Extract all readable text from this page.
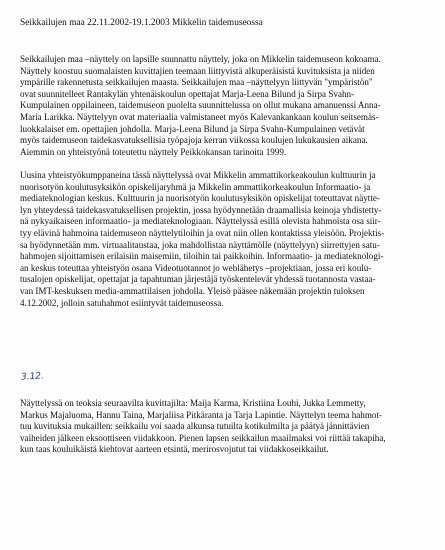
Seikkailujen maa 22.11.2002-19.1.2003 Mikkelin taidemuseossa
Seikkailujen maa –näyttely on lapsille suunnattu näyttely, joka on Mikkelin taidemuseon kokoama.
Näyttely koostuu suomalaisten kuvittajien teemaan liittyvistä alkuperäisistä kuvituksista ja niiden
ympärille rakennetusta seikkailujen maasta. Seikkailujen maa –näyttelyyn liittyvän "ympäristön"
ovat suunnitelleet Rantakylän yhtenäiskoulun opettajat Marja-Leena Bilund ja Sirpa Svahn-
Kumpulainen oppilaineen, taidemuseon puolelta suunnittelussa on ollut mukana amanuenssi Anna-
Maria Larikka. Näyttelyyn ovat materiaalia valmistaneet myös Kalevankankaan koulun seitsemäs-
luokkalaiset em. opettajien johdolla. Marja-Leena Bilund ja Sirpa Svahn-Kumpulainen vetävät
myös taidemuseon taidekasvatuksellisia työpajoja kerran viikossa koulujen lukukausien aikana.
Aiemmin on yhteistyönä toteutettu näyttely Peikkokansan tarinoita 1999.
Uusina yhteistyökumppaneina tässä näyttelyssä ovat Mikkelin ammattikorkeakoulun kulttuurin ja
nuorisotyön koulutusyksikön opiskelijaryhmä ja Mikkelin ammattikorkeakoulun Informaatio- ja
mediateknologian keskus. Kulttuurin ja nuorisotyön koulutusyksikön opiskelijat toteuttavat näytte-
lyn yhteydessä taidekasvatuksellisen projektin, jossa hyödynnetään draamallisia keinoja yhdistetty-
nä nykyaikaiseen informaatio- ja mediateknologiaan. Näyttelyssä esillä olevista hahmoista osa siir-
tyy elävinä hahmoina taidemuseon näyttelytiloihin ja ovat niin ollen kontaktissa yleisöön. Projektis-
sa hyödynnetään mm. virtuaalitaustaa, joka mahdollistaa näyttämölle (näyttelyyn) siirrettyjen satu-
hahmojen sijoittamisen erilaisiin maisemiin, tiloihin tai paikkoihin. Informaatio- ja mediateknologi-
an keskus toteuttaa yhteistyön osana Videotuotannot jo weblähetys –projektiaan, jossa eri koulu-
tusalojen opiskelijat, opettajat ja tapahtuman järjestäjä työskentelevät yhdessä tuotannosta vastaa-
van IMT-keskuksen media-ammattilaisen johdolla. Yleisö pääsee näkemään projektin tuloksen
4.12.2002, jolloin satuhahmot esiintyvät taidemuseossa.
3.12.
Näyttelyssä on teoksia seuraavilta kuvittajilta: Maija Karma, Kristiina Louhi, Jukka Lemmetty,
Markus Majaluoma, Hannu Taina, Marjaliisa Pitkäranta ja Tarja Lapintie. Näyttelyn teema hahmot-
tuu kuvituksia mukaillen: seikkailu voi saada alkunsa tutuilta kotikulmilta ja päätyä jännittävien
vaiheiden jälkeen eksoottiseen viidakkoon. Pienen lapsen seikkailun maailmaksi voi riittää takapiha,
kun taas kouluikäistä kiehtovat aarteen etsintä, merirosvojutut tai viidakkoseikkailut.
